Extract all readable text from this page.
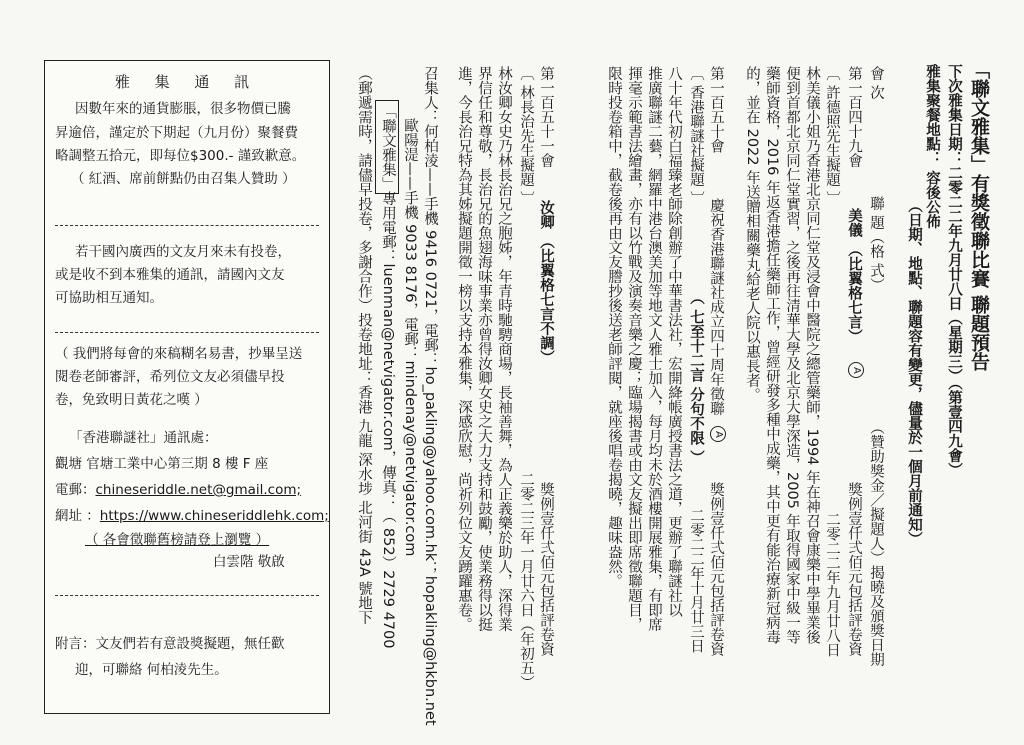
雅 集 通 訊
因數年來的通貨膨脹，很多物價已騰
昇逾倍，謹定於下期起（九月份）聚餐費
略調整五拾元，即每位$300.- 謹致歉意。
（ 紅酒、席前餅點仍由召集人贊助 ）
若干國內廣西的文友月來未有投卷，
或是收不到本雅集的通訊，請國內文友
可協助相互通知。
（ 我們將每會的來稿糊名易書，抄畢呈送
閱卷老師審評，希列位文友必須儘早投
卷，免致明日黃花之嘆 ）
「香港聯謎社」通訊處：
觀塘 官塘工業中心第三期 8 樓 F 座
電郵：chineseriddle.net@gmail.com;
網址 ：https://www.chineseriddlehk.com;
（ 各會徵聯舊榜請登上瀏覽 ）
白雲階 敬啟
附言：文友們若有意設獎擬題，無任歡
迎，可聯絡 何柏淩先生。
「聯文雅集」有獎徵聯比賽 聯題預告
下次雅集日期：二零二二年九月廿八日（星期三）（第壹四九會）
雅集聚餐地點： 容後公佈
（日期、地點、聯題容有變更，儘量於一個月前通知）
會 次
聯 題（格 式）
（贊助獎金／擬題人）揭曉及頒獎日期
第一百四十九會
美儀 （比翼格七言）
A
獎例壹仟弍佰元包括評卷資
二零二二年九月廿八日
〔 許德照先生擬題 〕
林美儀小姐乃香港北京同仁堂及浸會中醫院之總管藥師，1994 年在神召會康樂中學畢業後
便到首都北京同仁堂實習，之後再往清華大學及北京大學深造，2005 年取得國家中級一等
藥師資格，2016 年返香港擔任藥師工作，曾經研發多種中成藥，其中更有能治療新冠病毒
的，並在 2022 年送贈相關藥丸給老人院以惠長者。
第一百五十會
慶祝香港聯謎社成立四十周年徵聯
A
（ 七至十二言 分句不限 ）
獎例壹仟弍佰元包括評卷資
二零二二年十月廿三日
〔 香港聯謎社擬題 〕
八十年代初白福臻老師除創辦了中華書法社，宏開絳帳廣授書法之道，更辦了聯謎社以
推廣聯謎二藝，網羅中港台澳美加等地文人雅士加入，每月均未於酒樓開展雅集，有即席
揮毫示範書法繪畫，亦有以竹戰及演奏音樂之慶；臨場揭書或由文友擬出即席徵聯題目，
限時投卷箱中，截卷後再由文友謄抄後送老師評閱，就座後唱卷揭曉，趣味盎然。
第一百五十一會
汝卿 （比翼格七言不調）
獎例壹仟弍佰元包括評卷資
二零二三年一月廿六日（年初五）
〔 林長治先生擬題 〕
林汝卿女史乃林長治兄之胞姊，年青時馳騁商場，長袖善舞，為人正義樂於助人，深得業
界信任和尊敬，長治兄的魚翅海味事業亦曾得汝卿女史之大力支持和鼓勵，使業務得以挺
進，今長治兄特為其姊擬題開徵一榜以支持本雅集，深感欣慰，尚祈列位文友踴躍惠卷。
召集人：何柏淩——手機 9416 0721，電郵：ho_pakling@yahoo.com.hk；hopakling@hkbn.net
歐陽湜——手機 9033 8176，電郵：mindenay@netvigator.com
「聯文雅集」專用電郵：luenman@netvigator.com，傳真：（ 852）2729 4700
（郵遞需時，請儘早投卷，多謝合作）投卷地址：香港 九龍 深水埗 北河街 43A 號地下
